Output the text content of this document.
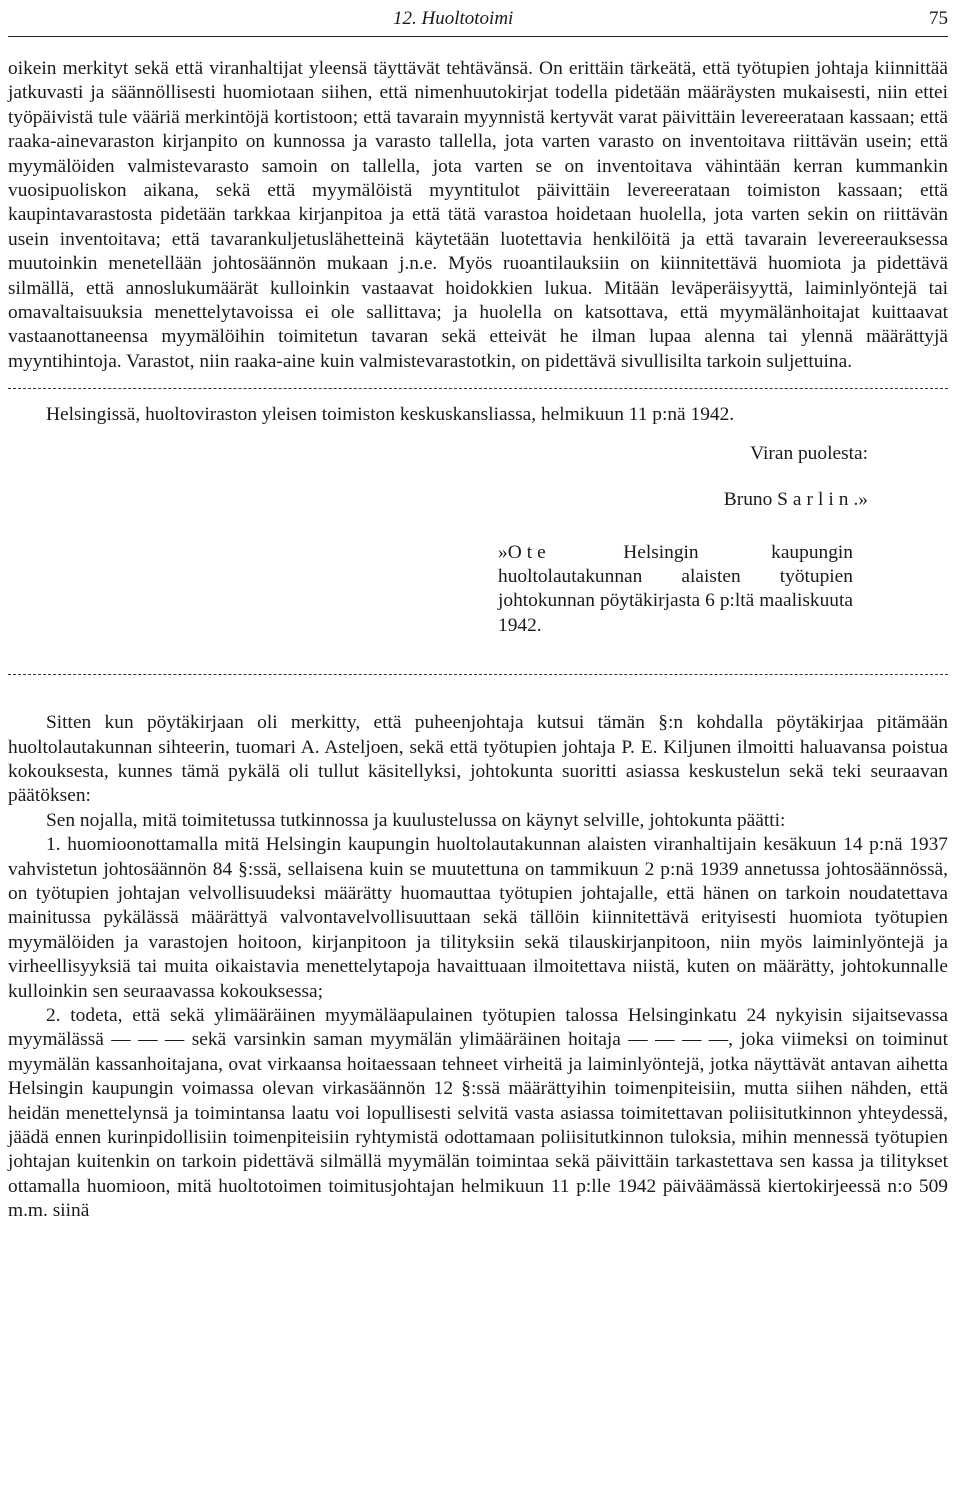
12. Huoltotoimi	75

oikein merkityt sekä että viranhaltijat yleensä täyttävät tehtävänsä. On erittäin tärkeätä, että työtupien johtaja kiinnittää jatkuvasti ja säännöllisesti huomiotaan siihen, että nimenhuutokirjat todella pidetään määräysten mukaisesti, niin ettei työpäivistä tule vääriä merkintöjä kortistoon; että tavarain myynnistä kertyvät varat päivittäin levereerataan kassaan; että raaka-ainevaraston kirjanpito on kunnossa ja varasto tallella, jota varten varasto on inventoitava riittävän usein; että myymälöiden valmistevarasto samoin on tallella, jota varten se on inventoitava vähintään kerran kummankin vuosipuoliskon aikana, sekä että myymälöistä myyntitulot päivittäin levereerataan toimiston kassaan; että kaupintavarastosta pidetään tarkkaa kirjanpitoa ja että tätä varastoa hoidetaan huolella, jota varten sekin on riittävän usein inventoitava; että tavarankuljetuslähetteinä käytetään luotettavia henkilöitä ja että tavarain levereerauksessa muutoinkin menetellään johtosäännön mukaan j.n.e. Myös ruoantilauksiin on kiinnitettävä huomiota ja pidettävä silmällä, että annoslukumäärät kulloinkin vastaavat hoidokkien lukua. Mitään leväperäisyyttä, laiminlyöntejä tai omavaltaisuuksia menettelytavoissa ei ole sallittava; ja huolella on katsottava, että myymälänhoitajat kuittaavat vastaanottaneensa myymälöihin toimitetun tavaran sekä etteivät he ilman lupaa alenna tai ylennä määrättyjä myyntihintoja. Varastot, niin raaka-aine kuin valmistevarastotkin, on pidettävä sivullisilta tarkoin suljettuina.

Helsingissä, huoltoviraston yleisen toimiston keskuskansliassa, helmikuun 11 p:nä 1942.

Viran puolesta:
Bruno Sarlin.»

»Ote Helsingin kaupungin huoltolautakunnan alaisten työtupien johtokunnan pöytäkirjasta 6 p:ltä maaliskuuta 1942.

Sitten kun pöytäkirjaan oli merkitty, että puheenjohtaja kutsui tämän §:n kohdalla pöytäkirjaa pitämään huoltolautakunnan sihteerin, tuomari A. Asteljoen, sekä että työtupien johtaja P. E. Kiljunen ilmoitti haluavansa poistua kokouksesta, kunnes tämä pykälä oli tullut käsitellyksi, johtokunta suoritti asiassa keskustelun sekä teki seuraavan päätöksen:

Sen nojalla, mitä toimitetussa tutkinnossa ja kuulustelussa on käynyt selville, johtokunta päätti:

1. huomioonottamalla mitä Helsingin kaupungin huoltolautakunnan alaisten viranhaltijain kesäkuun 14 p:nä 1937 vahvistetun johtosäännön 84 §:ssä, sellaisena kuin se muutettuna on tammikuun 2 p:nä 1939 annetussa johtosäännössä, on työtupien johtajan velvollisuudeksi määrätty huomauttaa työtupien johtajalle, että hänen on tarkoin noudatettava mainitussa pykälässä määrättyä valvontavelvollisuuttaan sekä tällöin kiinnitettävä erityisesti huomiota työtupien myymälöiden ja varastojen hoitoon, kirjanpitoon ja tilityksiin sekä tilauskirjanpitoon, niin myös laiminlyöntejä ja virheellisyyksiä tai muita oikaistavia menettelytapoja havaittuaan ilmoitettava niistä, kuten on määrätty, johtokunnalle kulloinkin sen seuraavassa kokouksessa;

2. todeta, että sekä ylimääräinen myymäläapulainen työtupien talossa Helsinginkatu 24 nykyisin sijaitsevassa myymälässä — — — sekä varsinkin saman myymälän ylimääräinen hoitaja — — — —, joka viimeksi on toiminut myymälän kassanhoitajana, ovat virkaansa hoitaessaan tehneet virheitä ja laiminlyöntejä, jotka näyttävät antavan aihetta Helsingin kaupungin voimassa olevan virkasäännön 12 §:ssä määrättyihin toimenpiteisiin, mutta siihen nähden, että heidän menettelynsä ja toimintansa laatu voi lopullisesti selvitä vasta asiassa toimitettavan poliisitutkinnon yhteydessä, jäädä ennen kurinpidollisiin toimenpiteisiin ryhtymistä odottamaan poliisitutkinnon tuloksia, mihin mennessä työtupien johtajan kuitenkin on tarkoin pidettävä silmällä myymälän toimintaa sekä päivittäin tarkastettava sen kassa ja tilitykset ottamalla huomioon, mitä huoltotoimen toimitusjohtajan helmikuun 11 p:lle 1942 päiväämässä kiertokirjeessä n:o 509 m.m. siinä
